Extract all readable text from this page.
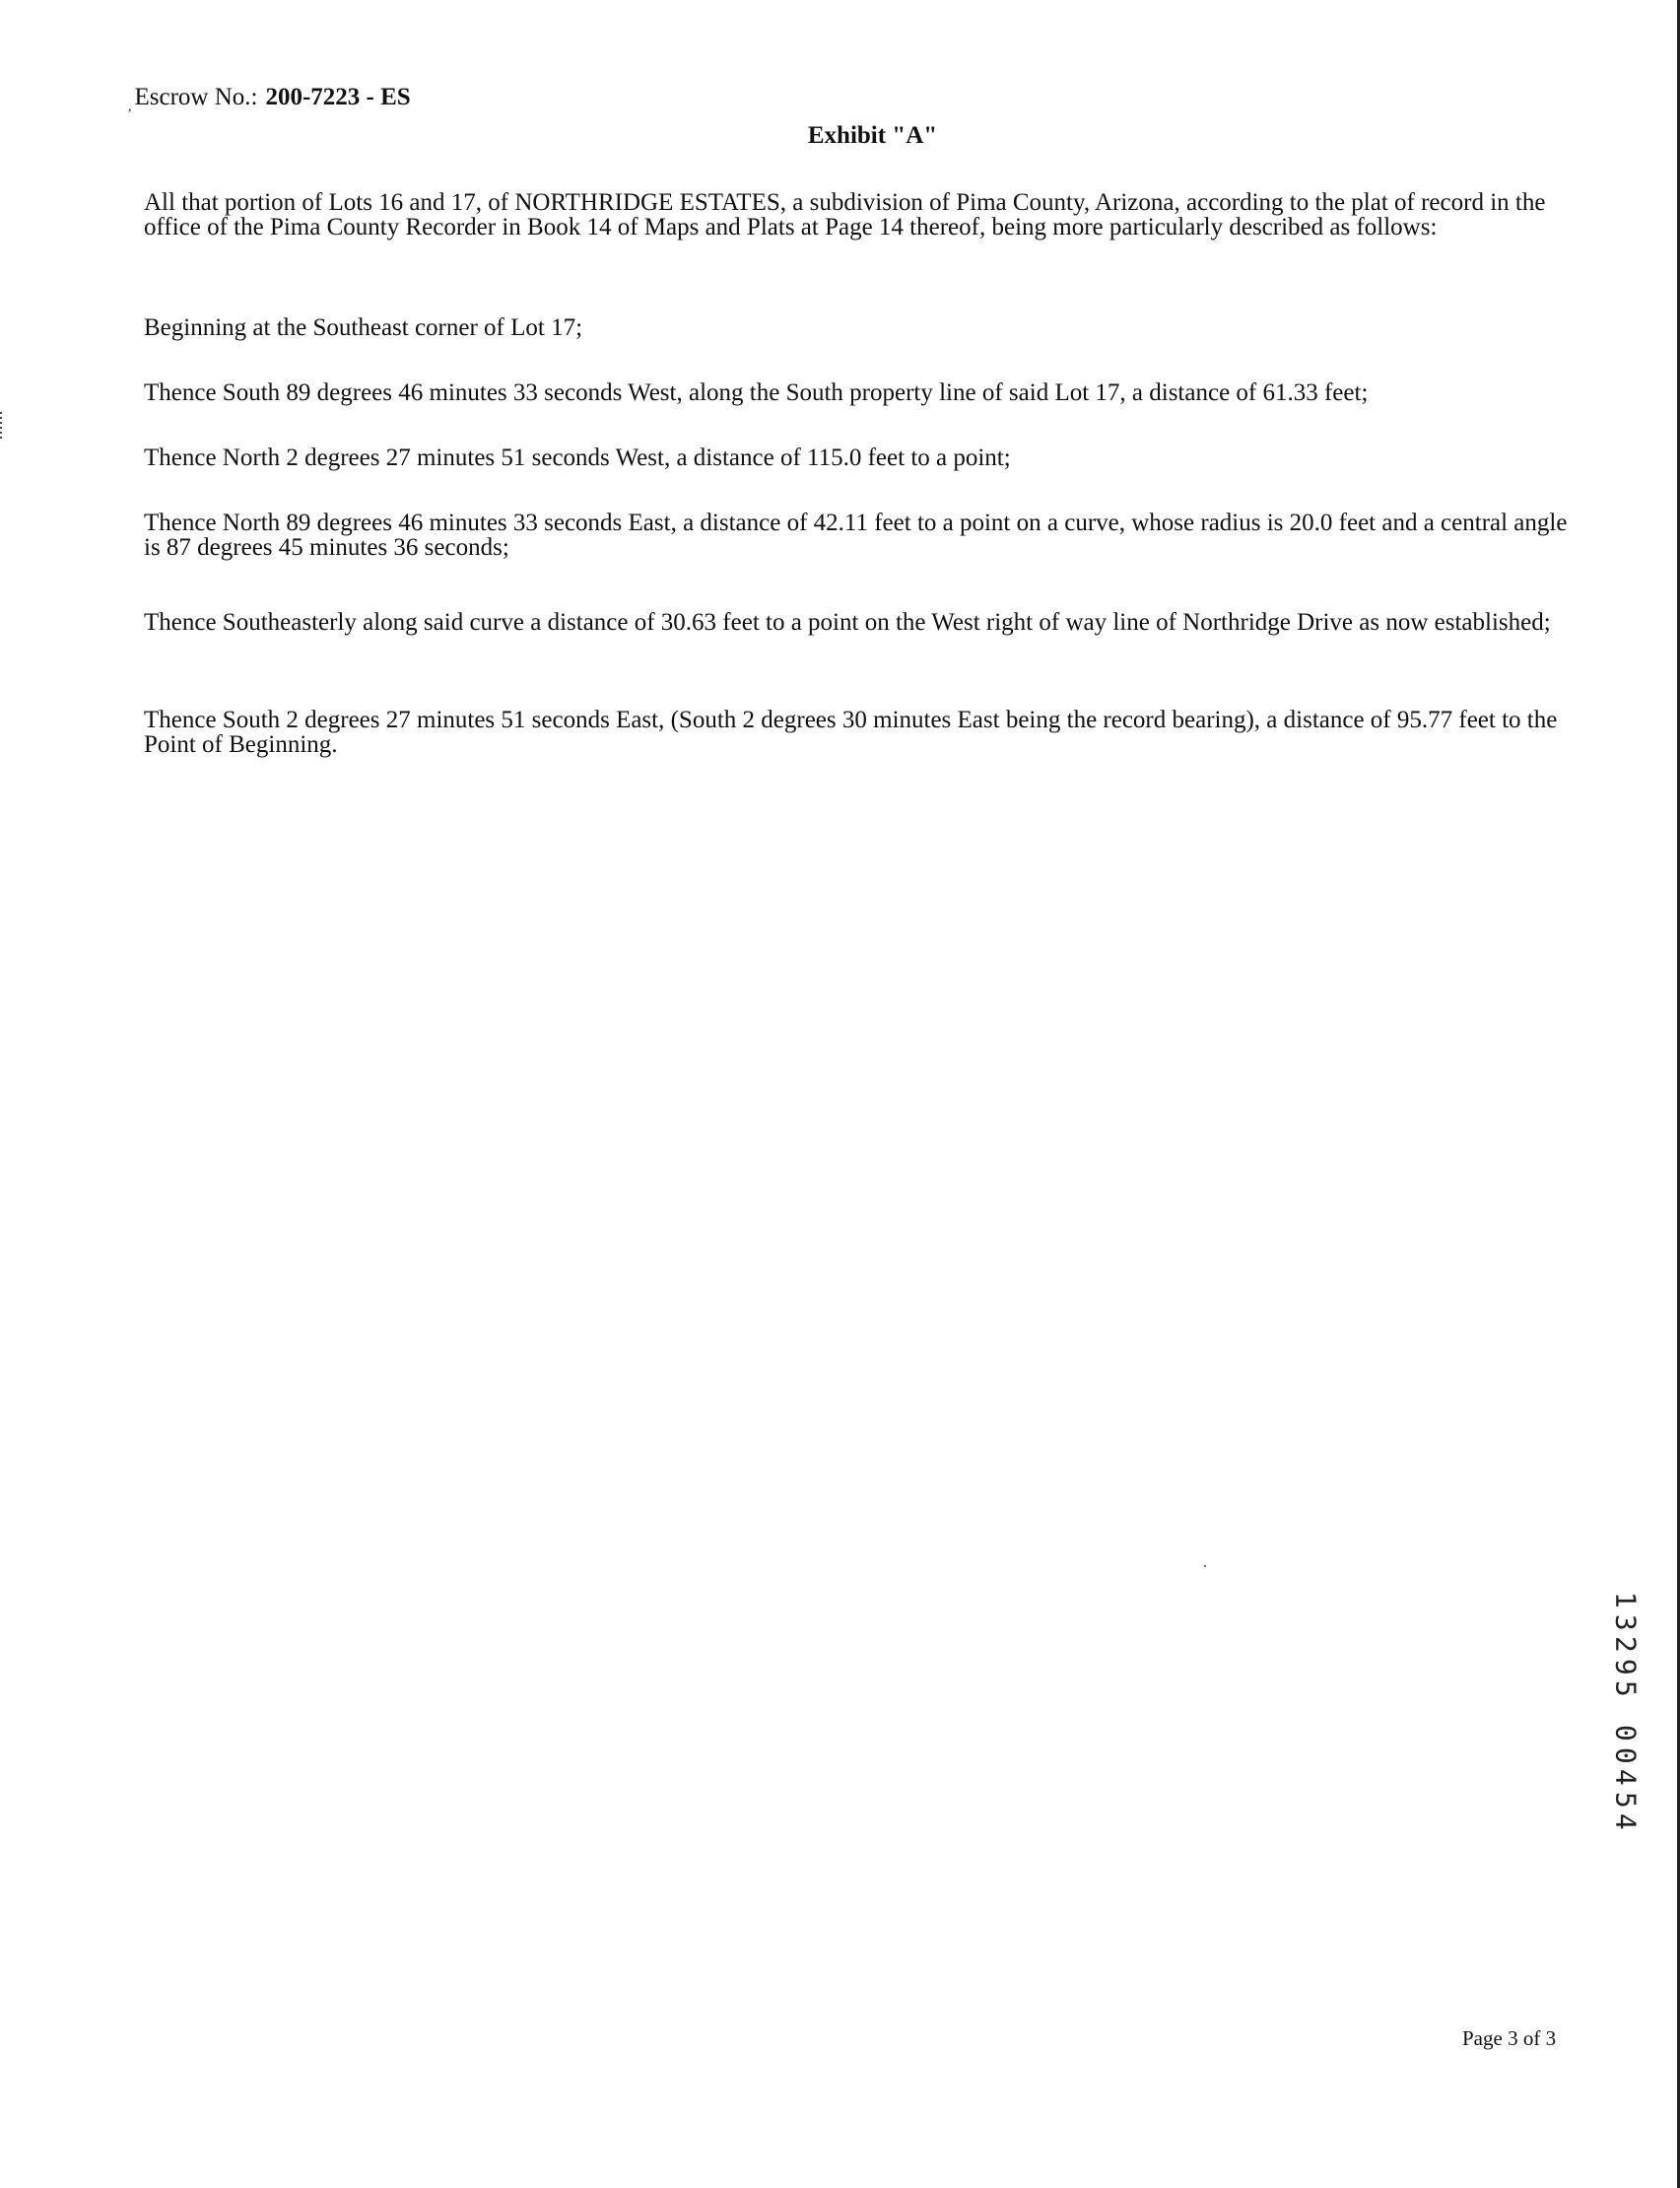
$_,$ Escrow No.: 200-7223 - ES
Exhibit "A"

All that portion of Lots 16 and 17, of NORTHRIDGE ESTATES, a subdivision of Pima County, Arizona, according to the plat of record in the office of the Pima County Recorder in Book 14 of Maps and Plats at Page 14 thereof, being more particularly described as follows:

Beginning at the Southeast corner of Lot 17;

Thence South 89 degrees 46 minutes 33 seconds West, along the South property line of said Lot 17, a distance of 61.33 feet;

Thence North 2 degrees 27 minutes 51 seconds West, a distance of 115.0 feet to a point;

Thence North 89 degrees 46 minutes 33 seconds East, a distance of 42.11 feet to a point on a curve, whose radius is 20.0 feet and a central angle is 87 degrees 45 minutes 36 seconds;

Thence Southeasterly along said curve a distance of 30.63 feet to a point on the West right of way line of Northridge Drive as now established;

Thence South 2 degrees 27 minutes 51 seconds East, (South 2 degrees 30 minutes East being the record bearing), a distance of 95.77 feet to the Point of Beginning.

1
3
2
9
5

0
0
4
5
4
Page 3 of 3
